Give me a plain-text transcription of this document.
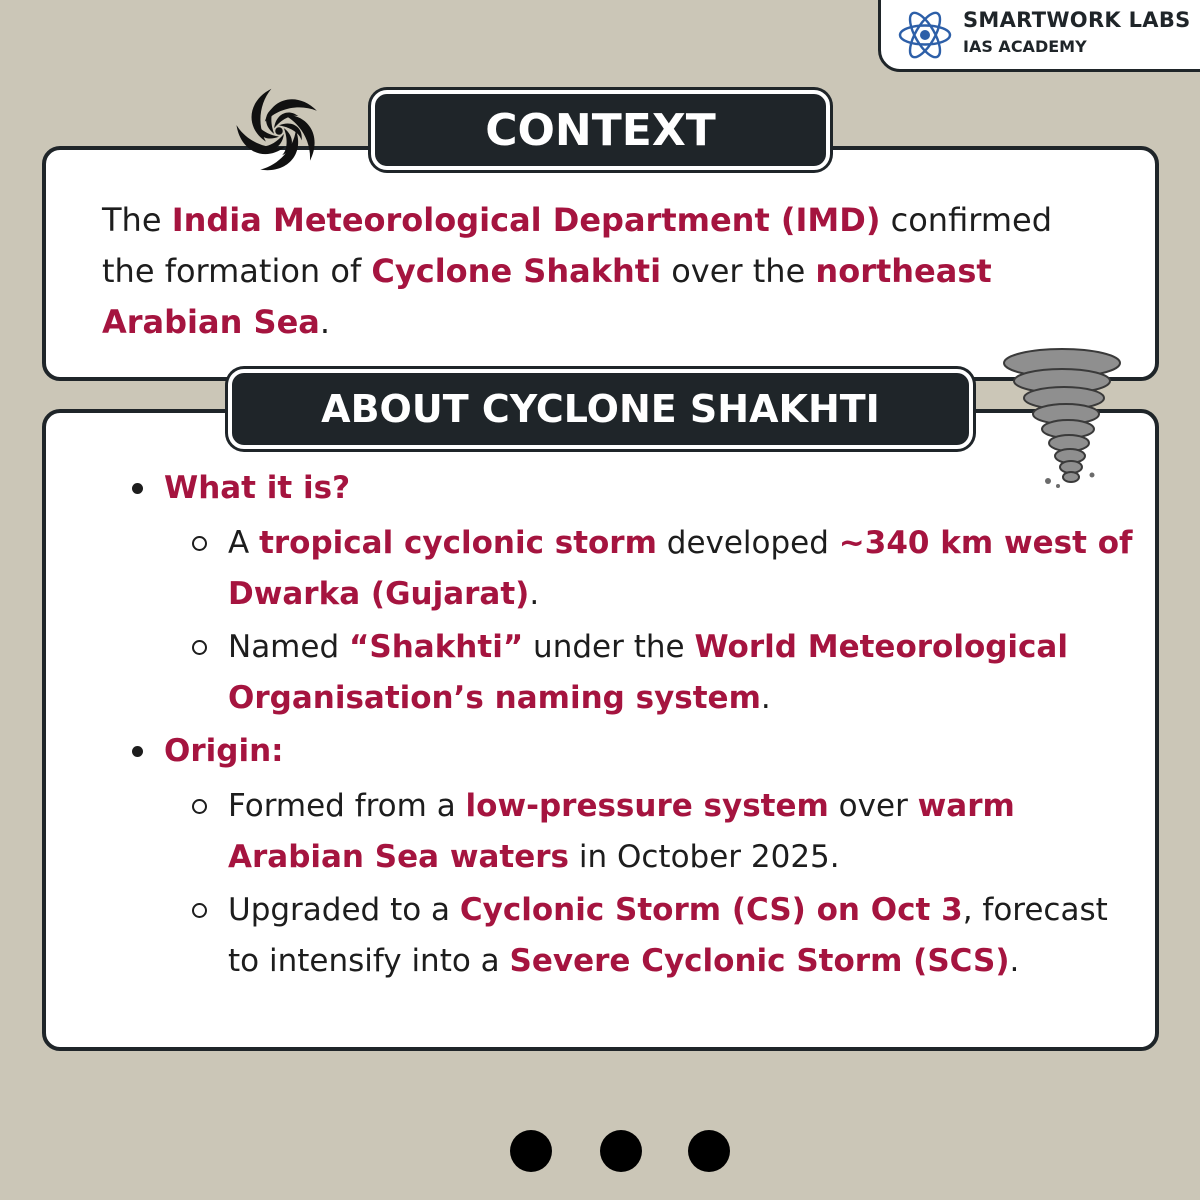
SMARTWORK LABS
IAS ACADEMY
The India Meteorological Department (IMD) confirmed the formation of Cyclone Shakhti over the northeast Arabian Sea.
CONTEXT
What it is?
A tropical cyclonic storm developed ~340 km west of Dwarka (Gujarat).
Named “Shakhti” under the World Meteorological Organisation’s naming system.
Origin:
Formed from a low-pressure system over warm Arabian Sea waters in October 2025.
Upgraded to a Cyclonic Storm (CS) on Oct 3, forecast to intensify into a Severe Cyclonic Storm (SCS).
ABOUT CYCLONE SHAKHTI
